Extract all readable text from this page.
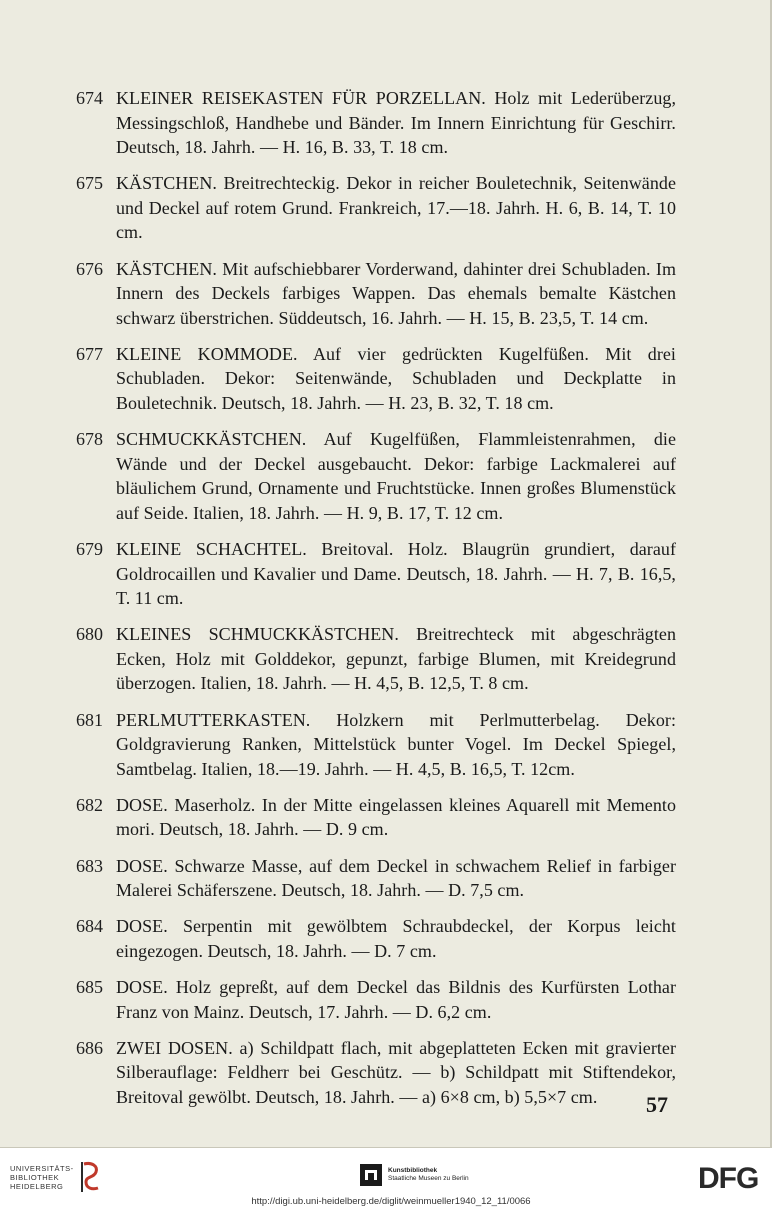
674 KLEINER REISEKASTEN FÜR PORZELLAN. Holz mit Lederüberzug, Messingschloß, Handhebe und Bänder. Im Innern Einrichtung für Geschirr. Deutsch, 18. Jahrh. — H. 16, B. 33, T. 18 cm.
675 KÄSTCHEN. Breitrechteckig. Dekor in reicher Bouletechnik, Seitenwände und Deckel auf rotem Grund. Frankreich, 17.—18. Jahrh. H. 6, B. 14, T. 10 cm.
676 KÄSTCHEN. Mit aufschiebbarer Vorderwand, dahinter drei Schubladen. Im Innern des Deckels farbiges Wappen. Das ehemals bemalte Kästchen schwarz überstrichen. Süddeutsch, 16. Jahrh. — H. 15, B. 23,5, T. 14 cm.
677 KLEINE KOMMODE. Auf vier gedrückten Kugelfüßen. Mit drei Schubladen. Dekor: Seitenwände, Schubladen und Deckplatte in Bouletechnik. Deutsch, 18. Jahrh. — H. 23, B. 32, T. 18 cm.
678 SCHMUCKKÄSTCHEN. Auf Kugelfüßen, Flammleistenrahmen, die Wände und der Deckel ausgebaucht. Dekor: farbige Lackmalerei auf bläulichem Grund, Ornamente und Fruchtstücke. Innen großes Blumenstück auf Seide. Italien, 18. Jahrh. — H. 9, B. 17, T. 12 cm.
679 KLEINE SCHACHTEL. Breitoval. Holz. Blaugrün grundiert, darauf Goldrocaillen und Kavalier und Dame. Deutsch, 18. Jahrh. — H. 7, B. 16,5, T. 11 cm.
680 KLEINES SCHMUCKKÄSTCHEN. Breitrechteck mit abgeschrägten Ecken, Holz mit Golddekor, gepunzt, farbige Blumen, mit Kreidegrund überzogen. Italien, 18. Jahrh. — H. 4,5, B. 12,5, T. 8 cm.
681 PERLMUTTERKASTEN. Holzkern mit Perlmutterbelag. Dekor: Goldgravierung Ranken, Mittelstück bunter Vogel. Im Deckel Spiegel, Samtbelag. Italien, 18.—19. Jahrh. — H. 4,5, B. 16,5, T. 12cm.
682 DOSE. Maserholz. In der Mitte eingelassen kleines Aquarell mit Memento mori. Deutsch, 18. Jahrh. — D. 9 cm.
683 DOSE. Schwarze Masse, auf dem Deckel in schwachem Relief in farbiger Malerei Schäferszene. Deutsch, 18. Jahrh. — D. 7,5 cm.
684 DOSE. Serpentin mit gewölbtem Schraubdeckel, der Korpus leicht eingezogen. Deutsch, 18. Jahrh. — D. 7 cm.
685 DOSE. Holz gepreßt, auf dem Deckel das Bildnis des Kurfürsten Lothar Franz von Mainz. Deutsch, 17. Jahrh. — D. 6,2 cm.
686 ZWEI DOSEN. a) Schildpatt flach, mit abgeplatteten Ecken mit gravierter Silberauflage: Feldherr bei Geschütz. — b) Schildpatt mit Stiftendekor, Breitoval gewölbt. Deutsch, 18. Jahrh. — a) 6×8 cm, b) 5,5×7 cm.	57
UNIVERSITÄTS-
BIBLIOTHEK
HEIDELBERG
Kunstbibliothek
Staatliche Museen zu Berlin	DFG
http://digi.ub.uni-heidelberg.de/diglit/weinmueller1940_12_11/0066
